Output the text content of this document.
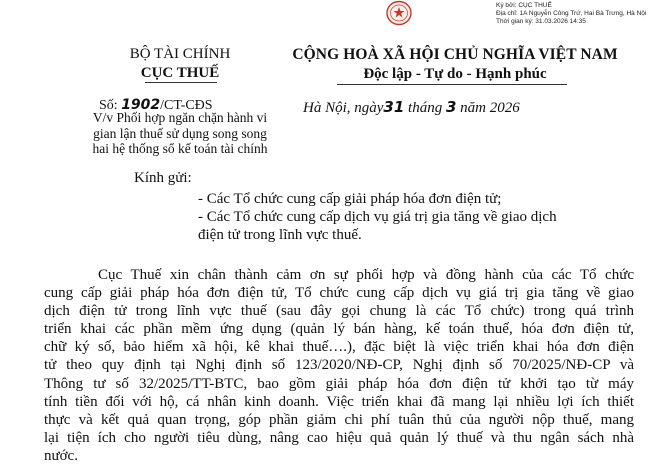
Ký bởi: CỤC THUẾ
Địa chỉ: 1A Nguyễn Công Trứ, Hai Bà Trưng, Hà Nội
Thời gian ký: 31.03.2026 14:35
BỘ TÀI CHÍNH
CỤC THUẾ
Số: 1902/CT-CĐS
V/v Phối hợp ngăn chặn hành vi
gian lận thuế sử dụng song song
hai hệ thống sổ kế toán tài chính
CỘNG HOÀ XÃ HỘI CHỦ NGHĨA VIỆT NAM
Độc lập - Tự do - Hạnh phúc
Hà Nội, ngày31 tháng 3 năm 2026
Kính gửi:
- Các Tổ chức cung cấp giải pháp hóa đơn điện tử;
- Các Tổ chức cung cấp dịch vụ giá trị gia tăng về giao dịch
điện tử trong lĩnh vực thuế.
Cục Thuế xin chân thành cảm ơn sự phối hợp và đồng hành của các Tổ chức
cung cấp giải pháp hóa đơn điện tử, Tổ chức cung cấp dịch vụ giá trị gia tăng về giao
dịch điện tử trong lĩnh vực thuế (sau đây gọi chung là các Tổ chức) trong quá trình
triển khai các phần mềm ứng dụng (quản lý bán hàng, kế toán thuế, hóa đơn điện tử,
chữ ký số, bảo hiểm xã hội, kê khai thuế….), đặc biệt là việc triển khai hóa đơn điện
tử theo quy định tại Nghị định số 123/2020/NĐ-CP, Nghị định số 70/2025/NĐ-CP và
Thông tư số 32/2025/TT-BTC, bao gồm giải pháp hóa đơn điện tử khởi tạo từ máy
tính tiền đối với hộ, cá nhân kinh doanh. Việc triển khai đã mang lại nhiều lợi ích thiết
thực và kết quả quan trọng, góp phần giảm chi phí tuân thủ của người nộp thuế, mang
lại tiện ích cho người tiêu dùng, nâng cao hiệu quả quản lý thuế và thu ngân sách nhà
nước.
